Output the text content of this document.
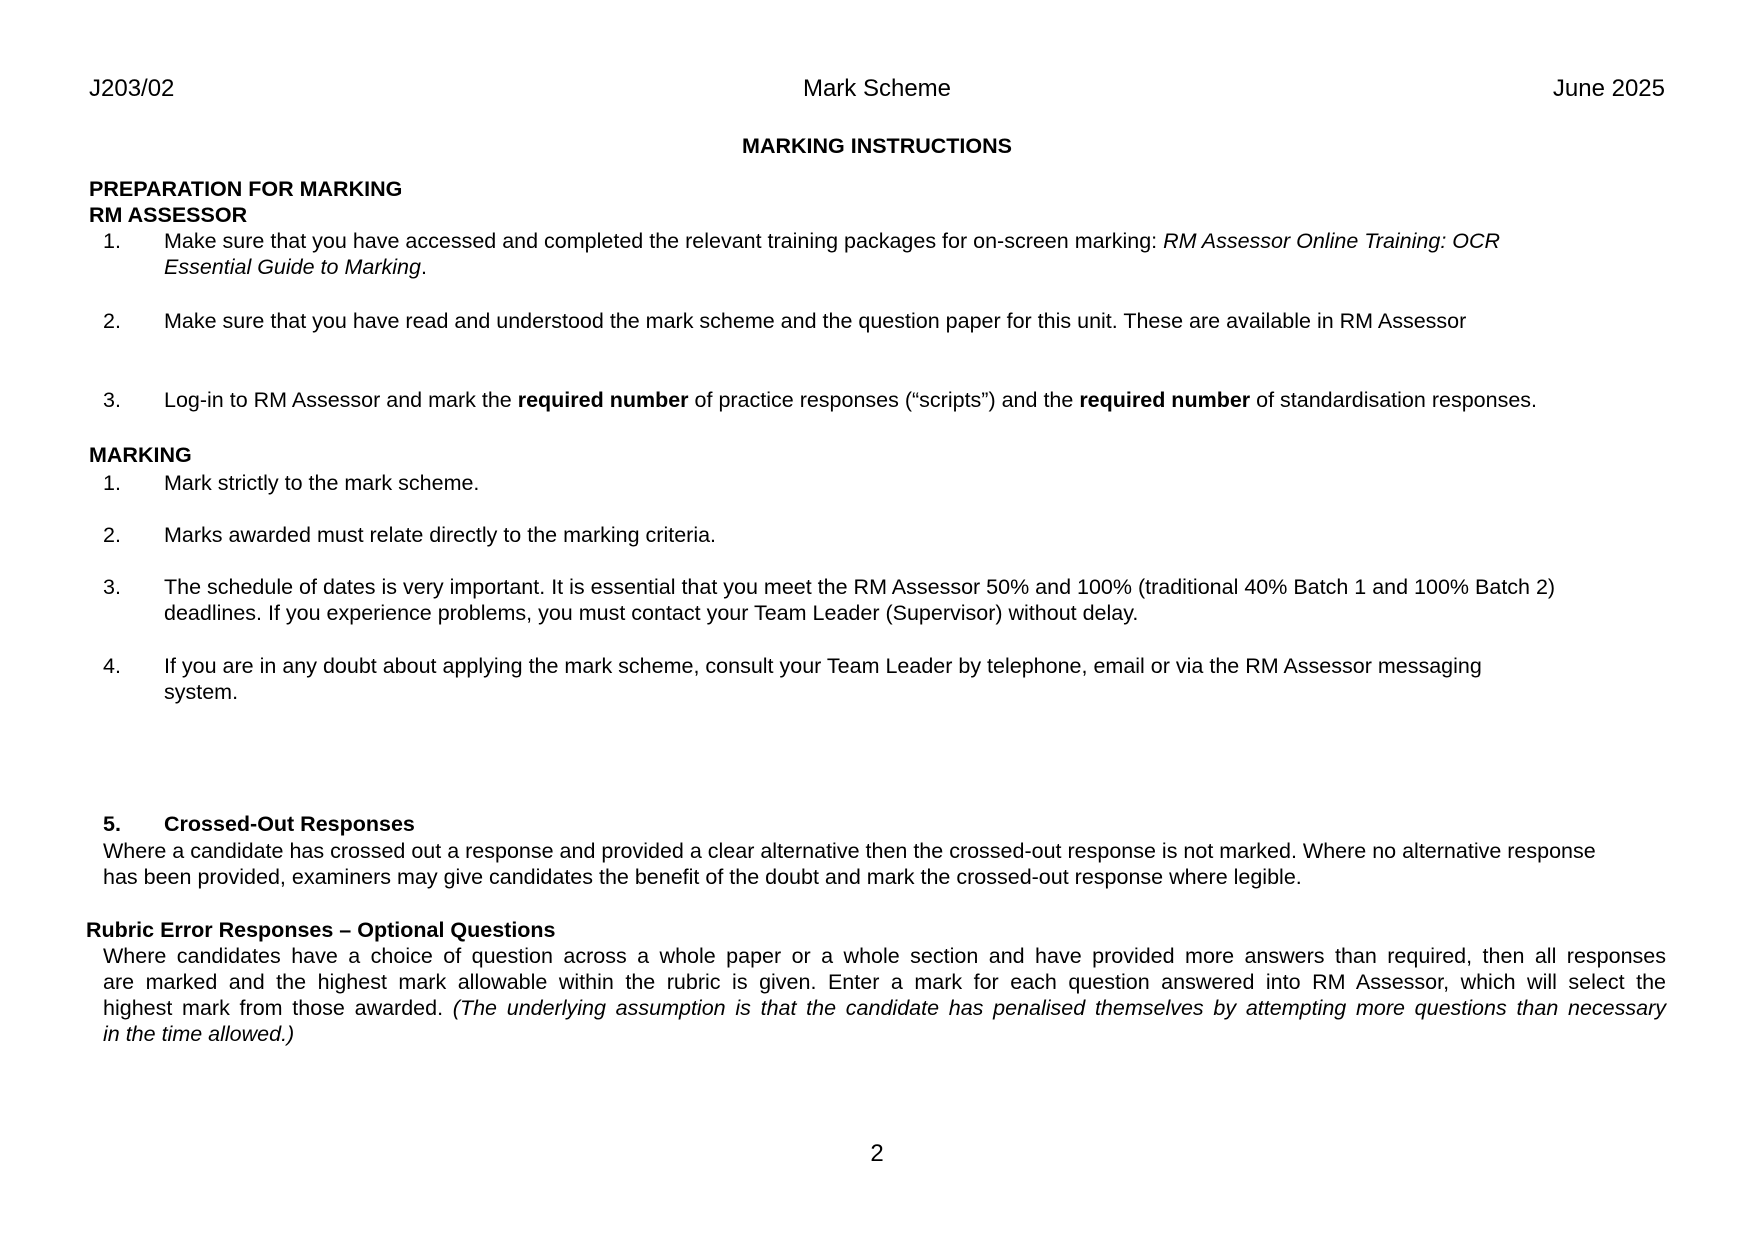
J203/02	Mark Scheme	June 2025
MARKING INSTRUCTIONS
PREPARATION FOR MARKING
RM ASSESSOR
1. Make sure that you have accessed and completed the relevant training packages for on-screen marking: RM Assessor Online Training: OCR
Essential Guide to Marking.
2. Make sure that you have read and understood the mark scheme and the question paper for this unit. These are available in RM Assessor
3. Log-in to RM Assessor and mark the required number of practice responses (“scripts”) and the required number of standardisation responses.
MARKING
1. Mark strictly to the mark scheme.
2. Marks awarded must relate directly to the marking criteria.
3. The schedule of dates is very important. It is essential that you meet the RM Assessor 50% and 100% (traditional 40% Batch 1 and 100% Batch 2)
deadlines. If you experience problems, you must contact your Team Leader (Supervisor) without delay.
4. If you are in any doubt about applying the mark scheme, consult your Team Leader by telephone, email or via the RM Assessor messaging
system.
5. Crossed-Out Responses
Where a candidate has crossed out a response and provided a clear alternative then the crossed-out response is not marked. Where no alternative response
has been provided, examiners may give candidates the benefit of the doubt and mark the crossed-out response where legible.
Rubric Error Responses – Optional Questions
Where candidates have a choice of question across a whole paper or a whole section and have provided more answers than required, then all responses
are marked and the highest mark allowable within the rubric is given. Enter a mark for each question answered into RM Assessor, which will select the
highest mark from those awarded. (The underlying assumption is that the candidate has penalised themselves by attempting more questions than necessary
in the time allowed.)
2
